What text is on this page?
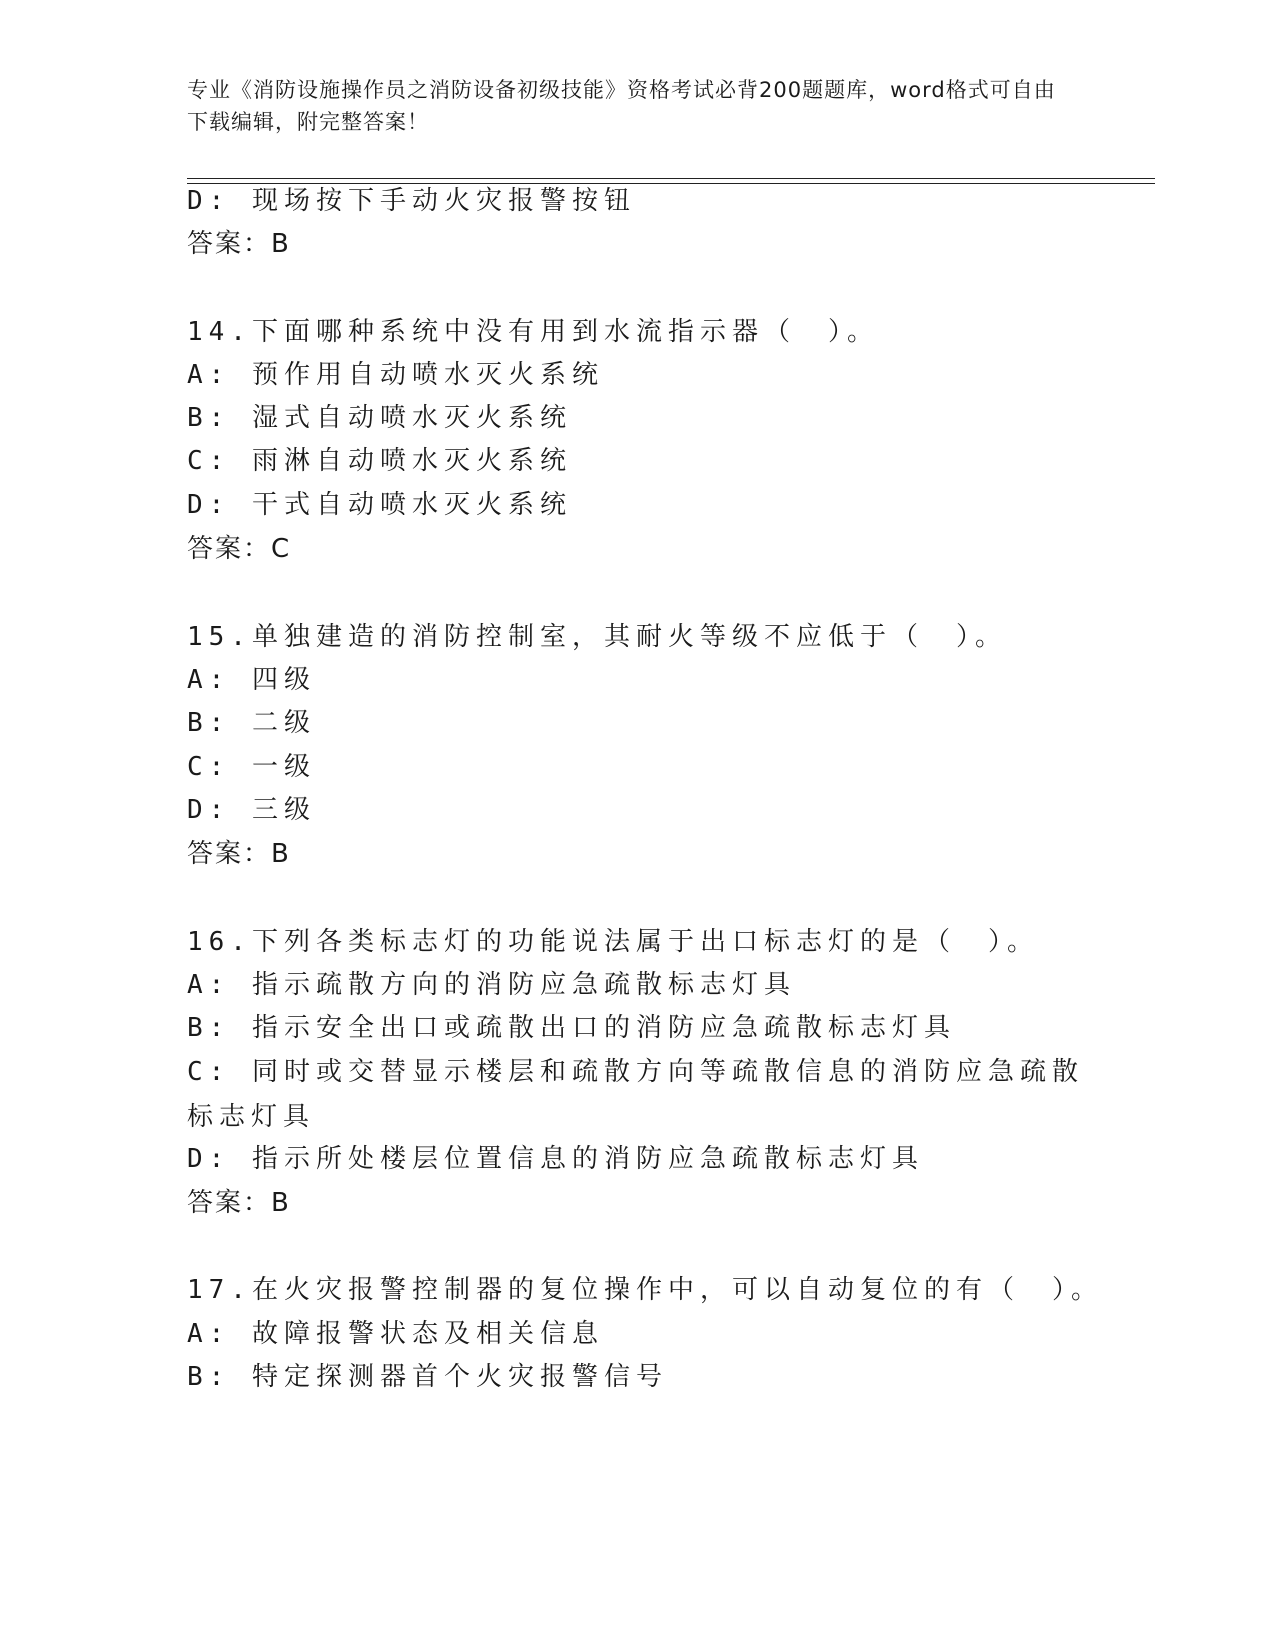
专业《消防设施操作员之消防设备初级技能》资格考试必背200题题库，word格式可自由下载编辑，附完整答案！
D: 现场按下手动火灾报警按钮
答案：B
14.下面哪种系统中没有用到水流指示器（　）。
A: 预作用自动喷水灭火系统
B: 湿式自动喷水灭火系统
C: 雨淋自动喷水灭火系统
D: 干式自动喷水灭火系统
答案：C
15.单独建造的消防控制室，其耐火等级不应低于（　）。
A: 四级
B: 二级
C: 一级
D: 三级
答案：B
16.下列各类标志灯的功能说法属于出口标志灯的是（　）。
A: 指示疏散方向的消防应急疏散标志灯具
B: 指示安全出口或疏散出口的消防应急疏散标志灯具
C: 同时或交替显示楼层和疏散方向等疏散信息的消防应急疏散标志灯具
D: 指示所处楼层位置信息的消防应急疏散标志灯具
答案：B
17.在火灾报警控制器的复位操作中，可以自动复位的有（　）。
A: 故障报警状态及相关信息
B: 特定探测器首个火灾报警信号
